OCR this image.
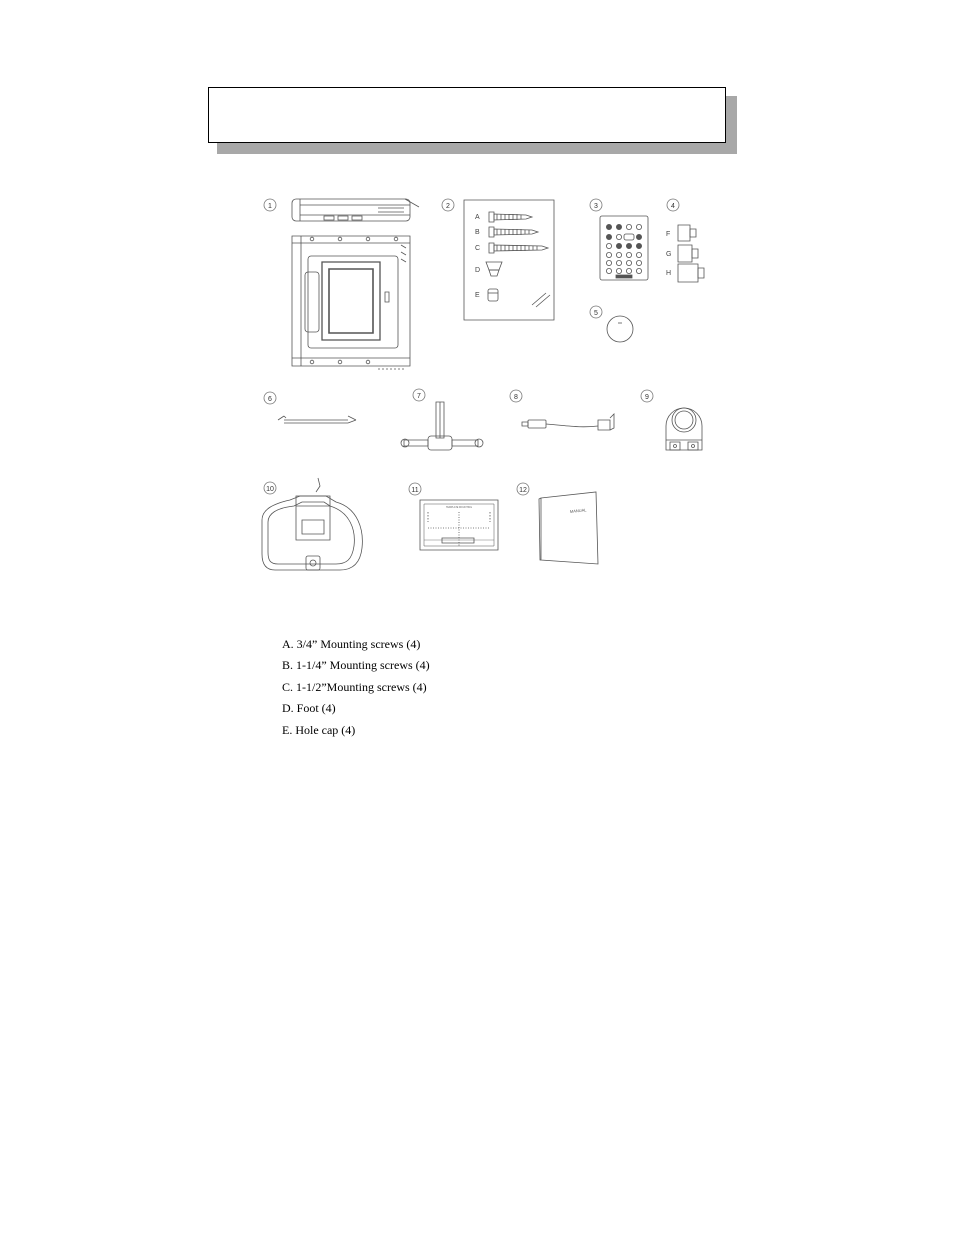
1	2
A
B
C
D
E
3	4
F
G
H
5
6	7	8	9
10	11
TEMPLATE MOUNTING
12
MANUAL
A. 3/4” Mounting screws (4)
B. 1-1/4” Mounting screws (4)
C. 1-1/2”Mounting screws (4)
D. Foot (4)
E. Hole cap (4)
